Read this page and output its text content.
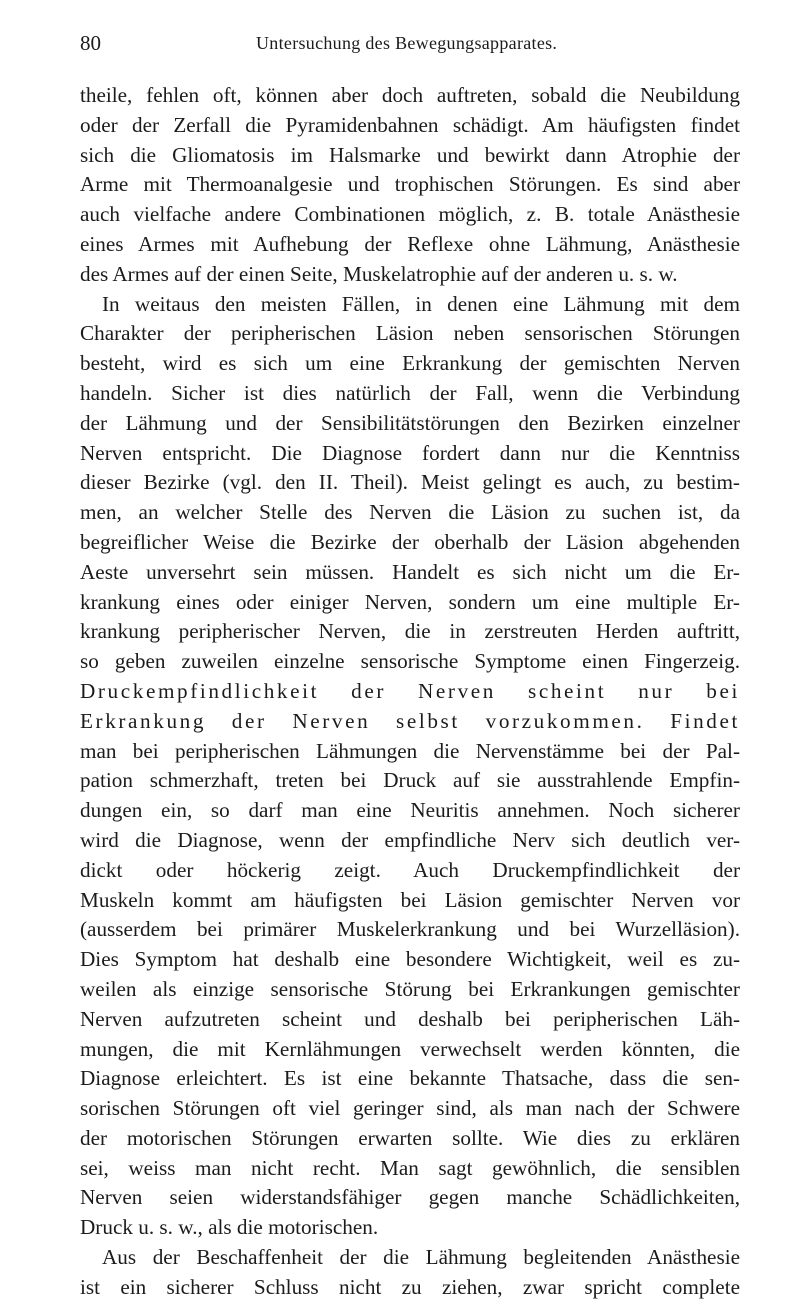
80	Untersuchung des Bewegungsapparates.

theile, fehlen oft, können aber doch auftreten, sobald die Neubildung
oder der Zerfall die Pyramidenbahnen schädigt. Am häufigsten findet
sich die Gliomatosis im Halsmarke und bewirkt dann Atrophie der
Arme mit Thermoanalgesie und trophischen Störungen. Es sind aber
auch vielfache andere Combinationen möglich, z. B. totale Anästhesie
eines Armes mit Aufhebung der Reflexe ohne Lähmung, Anästhesie
des Armes auf der einen Seite, Muskelatrophie auf der anderen u. s. w.

In weitaus den meisten Fällen, in denen eine Lähmung mit dem
Charakter der peripherischen Läsion neben sensorischen Störungen
besteht, wird es sich um eine Erkrankung der gemischten Nerven
handeln. Sicher ist dies natürlich der Fall, wenn die Verbindung
der Lähmung und der Sensibilitätstörungen den Bezirken einzelner
Nerven entspricht. Die Diagnose fordert dann nur die Kenntniss
dieser Bezirke (vgl. den II. Theil). Meist gelingt es auch, zu bestim-
men, an welcher Stelle des Nerven die Läsion zu suchen ist, da
begreiflicher Weise die Bezirke der oberhalb der Läsion abgehenden
Aeste unversehrt sein müssen. Handelt es sich nicht um die Er-
krankung eines oder einiger Nerven, sondern um eine multiple Er-
krankung peripherischer Nerven, die in zerstreuten Herden auftritt,
so geben zuweilen einzelne sensorische Symptome einen Fingerzeig.
Druckempfindlichkeit der Nerven scheint nur bei
Erkrankung der Nerven selbst vorzukommen. Findet
man bei peripherischen Lähmungen die Nervenstämme bei der Pal-
pation schmerzhaft, treten bei Druck auf sie ausstrahlende Empfin-
dungen ein, so darf man eine Neuritis annehmen. Noch sicherer
wird die Diagnose, wenn der empfindliche Nerv sich deutlich ver-
dickt oder höckerig zeigt. Auch Druckempfindlichkeit der
Muskeln kommt am häufigsten bei Läsion gemischter Nerven vor
(ausserdem bei primärer Muskelerkrankung und bei Wurzelläsion).
Dies Symptom hat deshalb eine besondere Wichtigkeit, weil es zu-
weilen als einzige sensorische Störung bei Erkrankungen gemischter
Nerven aufzutreten scheint und deshalb bei peripherischen Läh-
mungen, die mit Kernlähmungen verwechselt werden könnten, die
Diagnose erleichtert. Es ist eine bekannte Thatsache, dass die sen-
sorischen Störungen oft viel geringer sind, als man nach der Schwere
der motorischen Störungen erwarten sollte. Wie dies zu erklären
sei, weiss man nicht recht. Man sagt gewöhnlich, die sensiblen
Nerven seien widerstandsfähiger gegen manche Schädlichkeiten,
Druck u. s. w., als die motorischen.

Aus der Beschaffenheit der die Lähmung begleitenden Anästhesie
ist ein sicherer Schluss nicht zu ziehen, zwar spricht complete
